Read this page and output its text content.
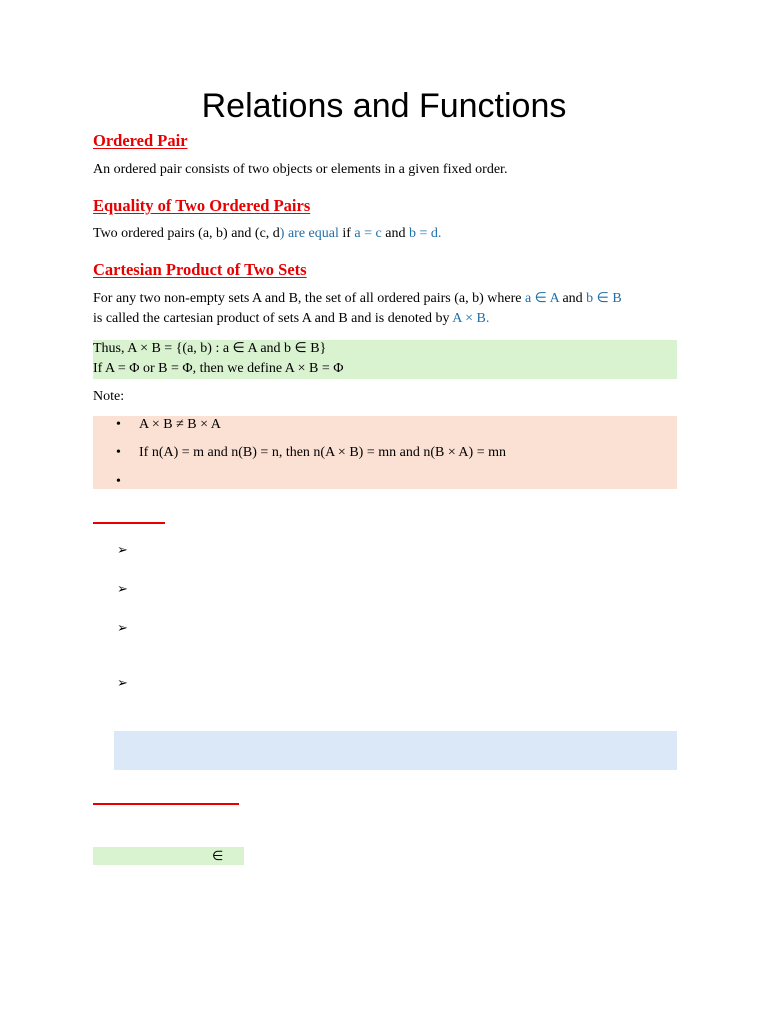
Relations and Functions
Ordered Pair
An ordered pair consists of two objects or elements in a given fixed order.
Equality of Two Ordered Pairs
Two ordered pairs (a, b) and (c, d) are equal if a = c and b = d.
Cartesian Product of Two Sets
For any two non-empty sets A and B, the set of all ordered pairs (a, b) where a ∈ A and b ∈ B
is called the cartesian product of sets A and B and is denoted by A × B.
Thus, A × B = {(a, b) : a ∈ A and b ∈ B}
If A = Φ or B = Φ, then we define A × B = Φ
Note:
• A × B ≠ B × A
• If n(A) = m and n(B) = n, then n(A × B) = mn and n(B × A) = mn
•
➢
➢
➢
➢
∈
